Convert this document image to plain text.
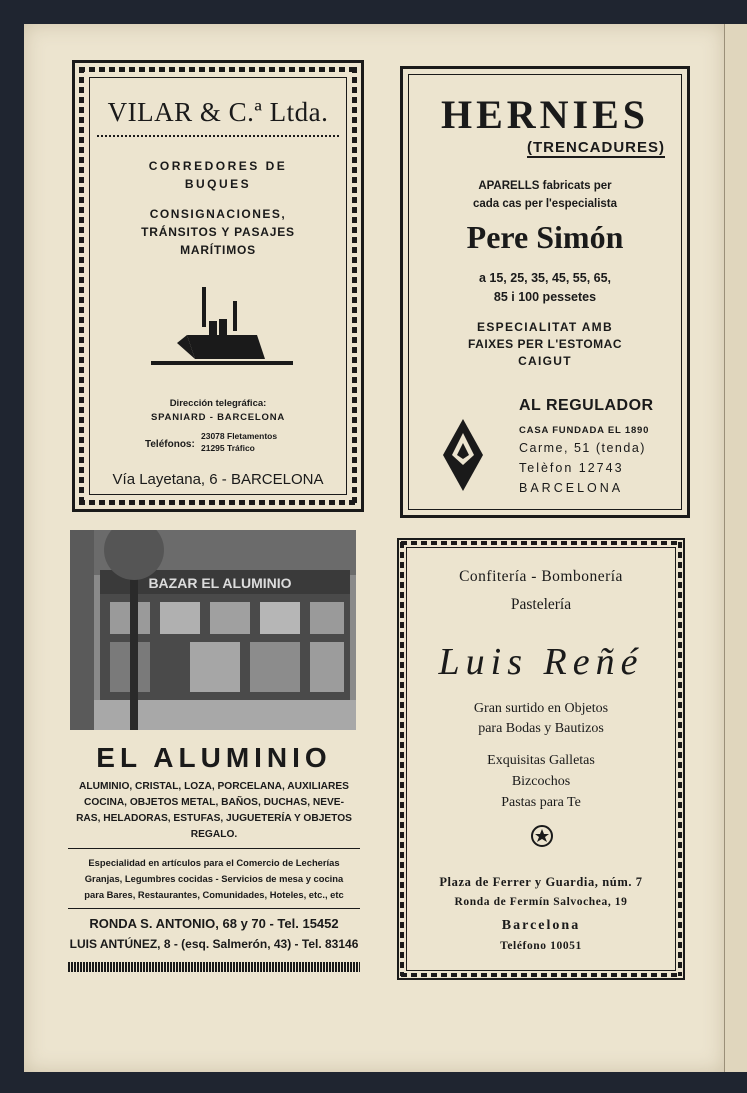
VILAR & C.ª Ltda.
CORREDORES DE
BUQUES
CONSIGNACIONES,
TRÁNSITOS Y PASAJES
MARÍTIMOS
Dirección telegráfica:
SPANIARD - BARCELONA
Teléfonos:
23078 Fletamentos
21295 Tráfico
Vía Layetana, 6 - BARCELONA
HERNIES
(TRENCADURES)
APARELLS fabricats per
cada cas per l'especialista
Pere Simón
a 15, 25, 35, 45, 55, 65,
85 i 100 pessetes
ESPECIALITAT AMB
FAIXES PER L'ESTOMAC
CAIGUT
AL REGULADOR
CASA FUNDADA EL 1890
Carme, 51 (tenda)
Telèfon 12743
BARCELONA
BAZAR EL ALUMINIO
EL ALUMINIO
ALUMINIO, CRISTAL, LOZA, PORCELANA, AUXILIARES
COCINA, OBJETOS METAL, BAÑOS, DUCHAS, NEVE-
RAS, HELADORAS, ESTUFAS, JUGUETERÍA Y OBJETOS
REGALO.
Especialidad en artículos para el Comercio de Lecherías
Granjas, Legumbres cocidas - Servicios de mesa y cocina
para Bares, Restaurantes, Comunidades, Hoteles, etc., etc
RONDA S. ANTONIO, 68 y 70 - Tel. 15452
LUIS ANTÚNEZ, 8 - (esq. Salmerón, 43) - Tel. 83146
Confitería - Bombonería
Pastelería
Luis Reñé
Gran surtido en Objetos
para Bodas y Bautizos
Exquisitas Galletas
Bizcochos
Pastas para Te
Plaza de Ferrer y Guardia, núm. 7
Ronda de Fermín Salvochea, 19
Barcelona
Teléfono 10051
